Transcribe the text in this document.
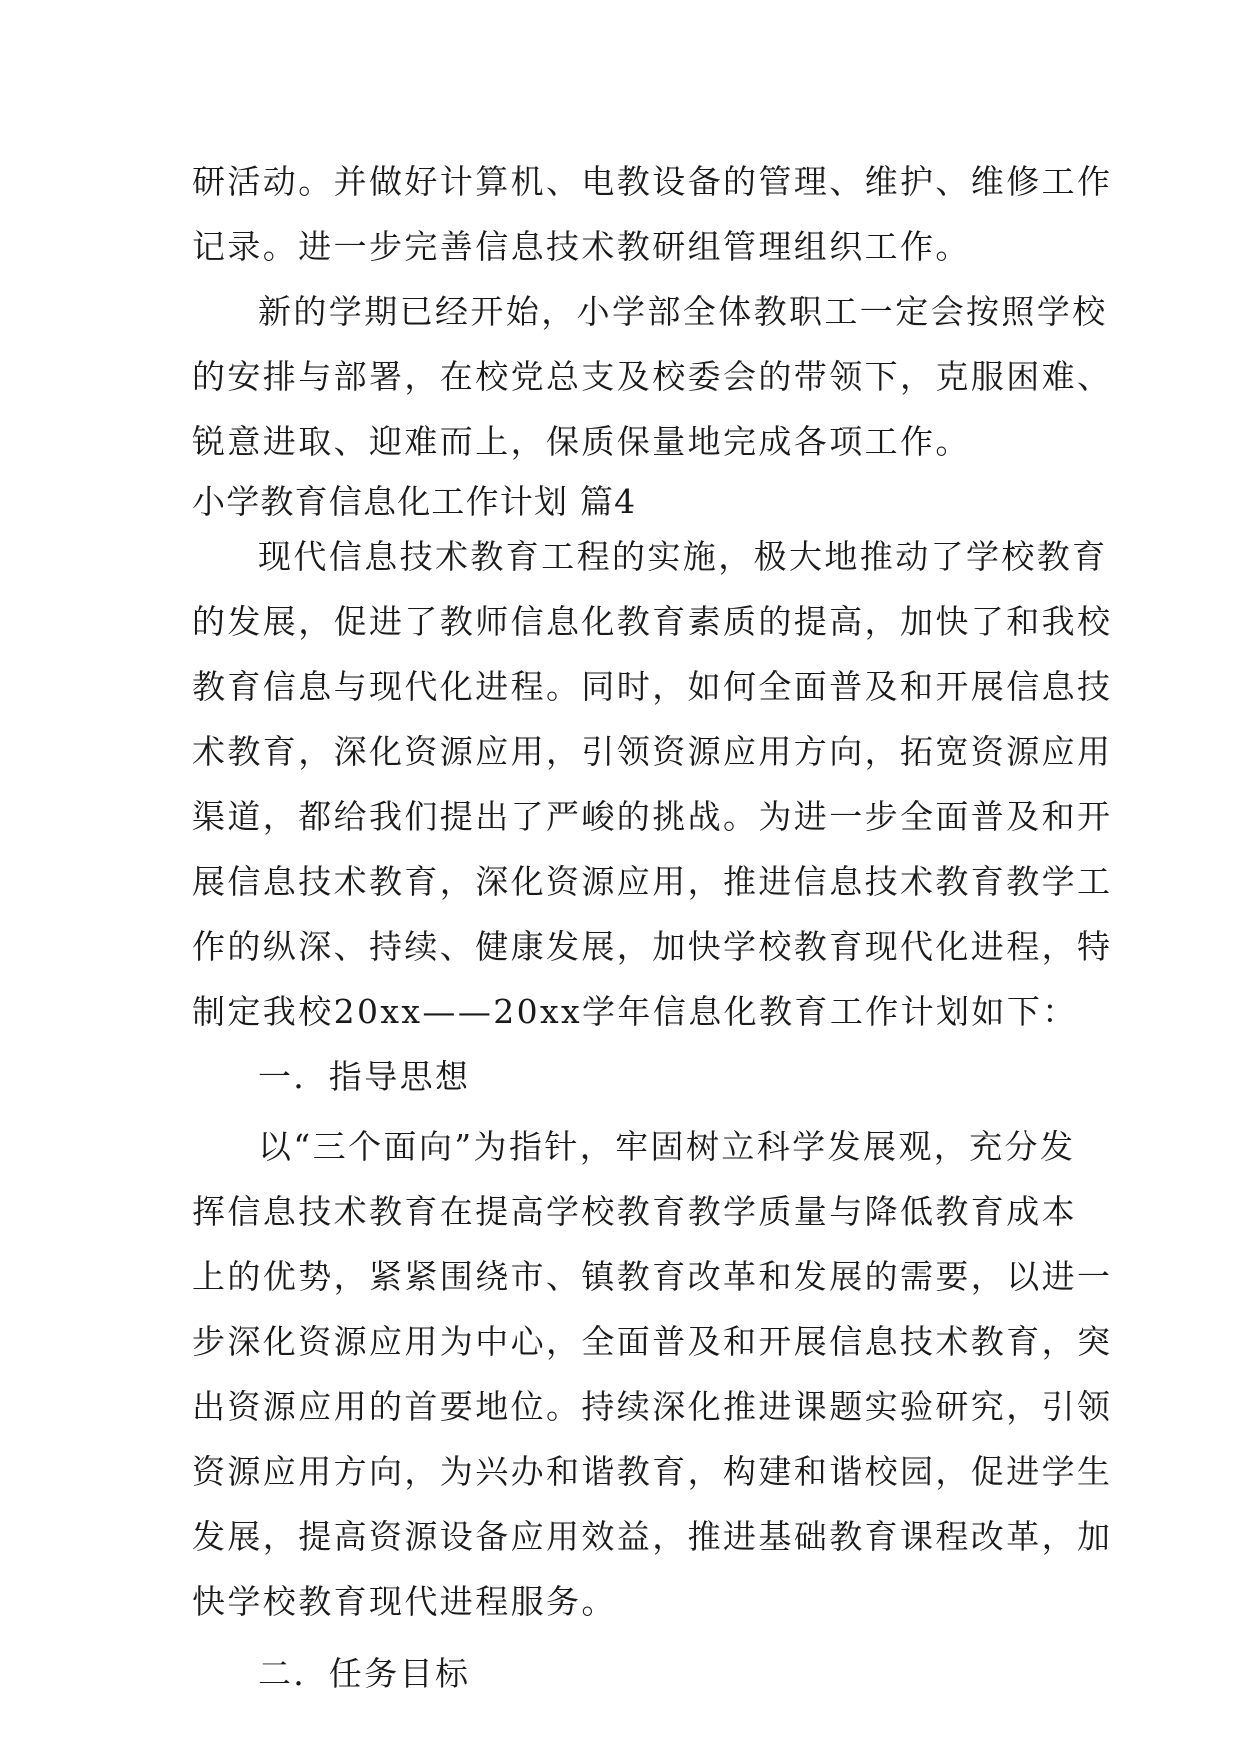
研活动。并做好计算机、电教设备的管理、维护、维修工作
记录。进一步完善信息技术教研组管理组织工作。
新的学期已经开始，小学部全体教职工一定会按照学校
的安排与部署，在校党总支及校委会的带领下，克服困难、
锐意进取、迎难而上，保质保量地完成各项工作。
小学教育信息化工作计划 篇4
现代信息技术教育工程的实施，极大地推动了学校教育
的发展，促进了教师信息化教育素质的提高，加快了和我校
教育信息与现代化进程。同时，如何全面普及和开展信息技
术教育，深化资源应用，引领资源应用方向，拓宽资源应用
渠道，都给我们提出了严峻的挑战。为进一步全面普及和开
展信息技术教育，深化资源应用，推进信息技术教育教学工
作的纵深、持续、健康发展，加快学校教育现代化进程，特
制定我校20xx——20xx学年信息化教育工作计划如下：
一．指导思想
以“三个面向”为指针，牢固树立科学发展观，充分发
挥信息技术教育在提高学校教育教学质量与降低教育成本
上的优势，紧紧围绕市、镇教育改革和发展的需要，以进一
步深化资源应用为中心，全面普及和开展信息技术教育，突
出资源应用的首要地位。持续深化推进课题实验研究，引领
资源应用方向，为兴办和谐教育，构建和谐校园，促进学生
发展，提高资源设备应用效益，推进基础教育课程改革，加
快学校教育现代进程服务。
二．任务目标
